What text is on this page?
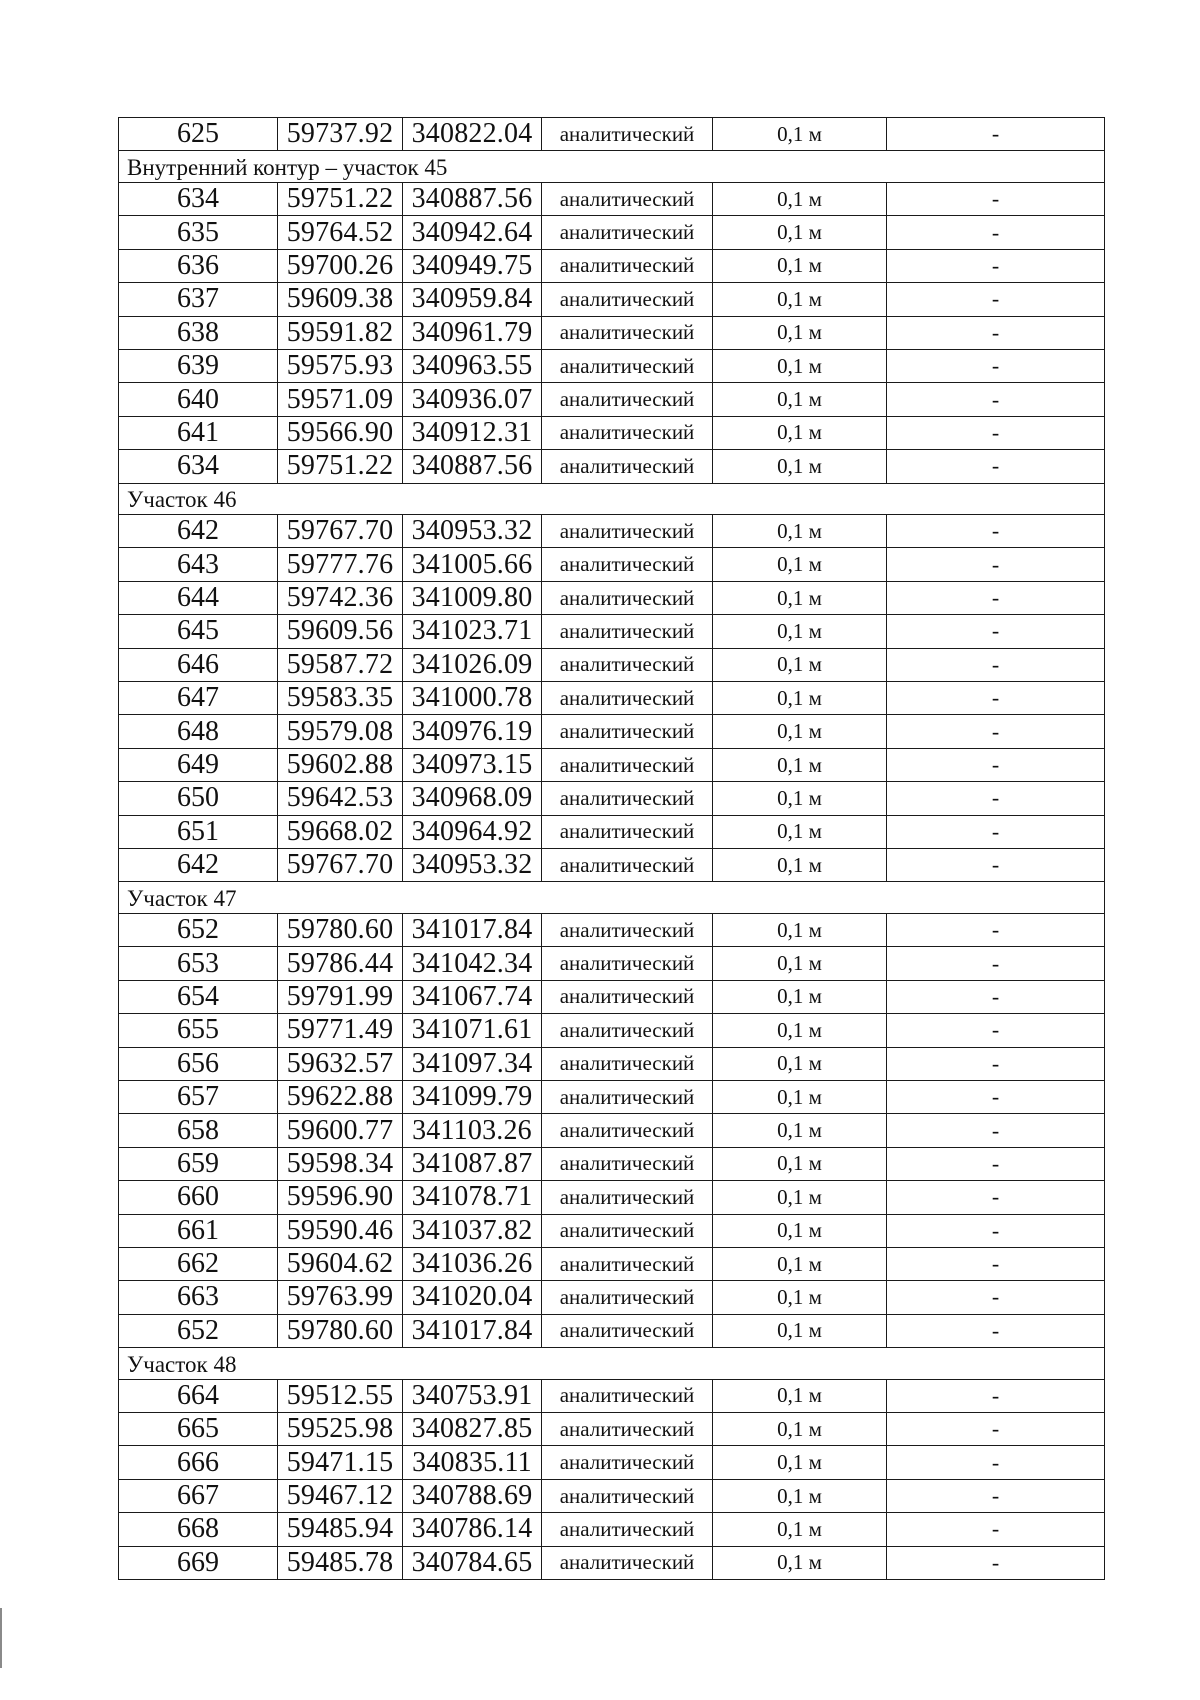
625	59737.92	340822.04	аналитический	0,1 м	-
Внутренний контур – участок 45					
634	59751.22	340887.56	аналитический	0,1 м	-
635	59764.52	340942.64	аналитический	0,1 м	-
636	59700.26	340949.75	аналитический	0,1 м	-
637	59609.38	340959.84	аналитический	0,1 м	-
638	59591.82	340961.79	аналитический	0,1 м	-
639	59575.93	340963.55	аналитический	0,1 м	-
640	59571.09	340936.07	аналитический	0,1 м	-
641	59566.90	340912.31	аналитический	0,1 м	-
634	59751.22	340887.56	аналитический	0,1 м	-
Участок 46					
642	59767.70	340953.32	аналитический	0,1 м	-
643	59777.76	341005.66	аналитический	0,1 м	-
644	59742.36	341009.80	аналитический	0,1 м	-
645	59609.56	341023.71	аналитический	0,1 м	-
646	59587.72	341026.09	аналитический	0,1 м	-
647	59583.35	341000.78	аналитический	0,1 м	-
648	59579.08	340976.19	аналитический	0,1 м	-
649	59602.88	340973.15	аналитический	0,1 м	-
650	59642.53	340968.09	аналитический	0,1 м	-
651	59668.02	340964.92	аналитический	0,1 м	-
642	59767.70	340953.32	аналитический	0,1 м	-
Участок 47					
652	59780.60	341017.84	аналитический	0,1 м	-
653	59786.44	341042.34	аналитический	0,1 м	-
654	59791.99	341067.74	аналитический	0,1 м	-
655	59771.49	341071.61	аналитический	0,1 м	-
656	59632.57	341097.34	аналитический	0,1 м	-
657	59622.88	341099.79	аналитический	0,1 м	-
658	59600.77	341103.26	аналитический	0,1 м	-
659	59598.34	341087.87	аналитический	0,1 м	-
660	59596.90	341078.71	аналитический	0,1 м	-
661	59590.46	341037.82	аналитический	0,1 м	-
662	59604.62	341036.26	аналитический	0,1 м	-
663	59763.99	341020.04	аналитический	0,1 м	-
652	59780.60	341017.84	аналитический	0,1 м	-
Участок 48					
664	59512.55	340753.91	аналитический	0,1 м	-
665	59525.98	340827.85	аналитический	0,1 м	-
666	59471.15	340835.11	аналитический	0,1 м	-
667	59467.12	340788.69	аналитический	0,1 м	-
668	59485.94	340786.14	аналитический	0,1 м	-
669	59485.78	340784.65	аналитический	0,1 м	-
